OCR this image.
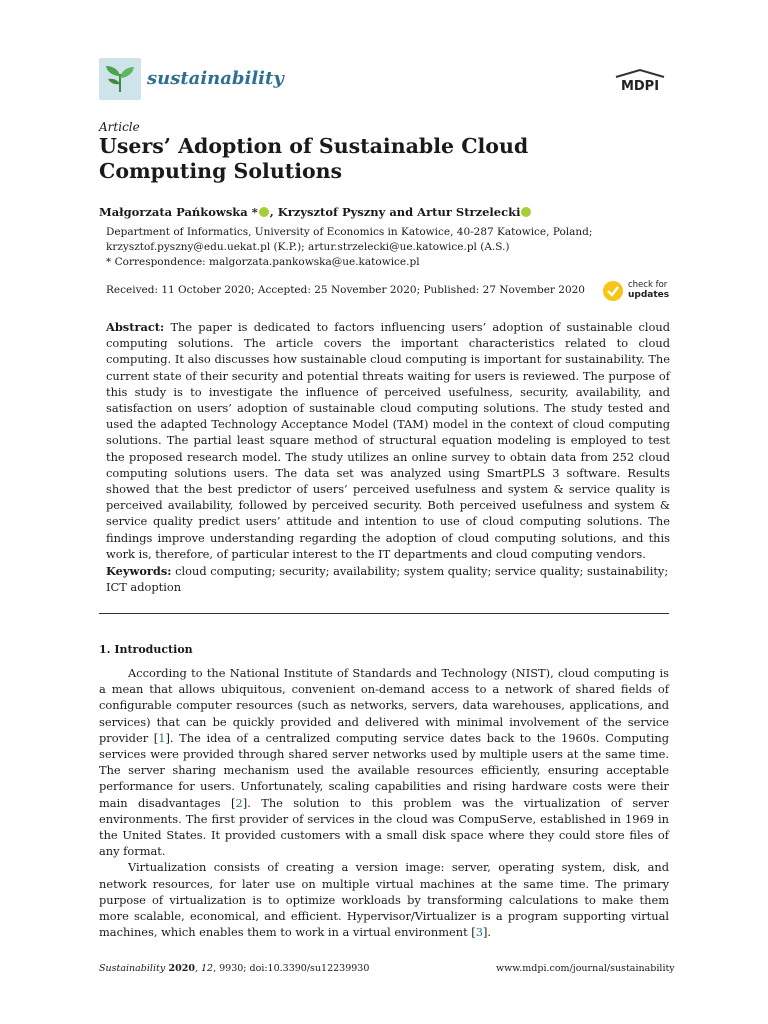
sustainability	MDPI
Article
Users’ Adoption of Sustainable Cloud Computing Solutions
Małgorzata Pańkowska * , Krzysztof Pyszny and Artur Strzelecki
Department of Informatics, University of Economics in Katowice, 40-287 Katowice, Poland;
krzysztof.pyszny@edu.uekat.pl (K.P.); artur.strzelecki@ue.katowice.pl (A.S.)
* Correspondence: malgorzata.pankowska@ue.katowice.pl
Received: 11 October 2020; Accepted: 25 November 2020; Published: 27 November 2020	check for
updates

Abstract: The paper is dedicated to factors influencing users’ adoption of sustainable cloud computing solutions. The article covers the important characteristics related to cloud computing. It also discusses how sustainable cloud computing is important for sustainability. The current state of their security and potential threats waiting for users is reviewed. The purpose of this study is to investigate the influence of perceived usefulness, security, availability, and satisfaction on users’ adoption of sustainable cloud computing solutions. The study tested and used the adapted Technology Acceptance Model (TAM) model in the context of cloud computing solutions. The partial least square method of structural equation modeling is employed to test the proposed research model. The study utilizes an online survey to obtain data from 252 cloud computing solutions users. The data set was analyzed using SmartPLS 3 software. Results showed that the best predictor of users’ perceived usefulness and system & service quality is perceived availability, followed by perceived security. Both perceived usefulness and system & service quality predict users’ attitude and intention to use of cloud computing solutions. The findings improve understanding regarding the adoption of cloud computing solutions, and this work is, therefore, of particular interest to the IT departments and cloud computing vendors.

Keywords: cloud computing; security; availability; system quality; service quality; sustainability; ICT adoption

1. Introduction

According to the National Institute of Standards and Technology (NIST), cloud computing is a mean that allows ubiquitous, convenient on-demand access to a network of shared fields of configurable computer resources (such as networks, servers, data warehouses, applications, and services) that can be quickly provided and delivered with minimal involvement of the service provider [1]. The idea of a centralized computing service dates back to the 1960s. Computing services were provided through shared server networks used by multiple users at the same time. The server sharing mechanism used the available resources efficiently, ensuring acceptable performance for users. Unfortunately, scaling capabilities and rising hardware costs were their main disadvantages [2]. The solution to this problem was the virtualization of server environments. The first provider of services in the cloud was CompuServe, established in 1969 in the United States. It provided customers with a small disk space where they could store files of any format.

Virtualization consists of creating a version image: server, operating system, disk, and network resources, for later use on multiple virtual machines at the same time. The primary purpose of virtualization is to optimize workloads by transforming calculations to make them more scalable, economical, and efficient. Hypervisor/Virtualizer is a program supporting virtual machines, which enables them to work in a virtual environment [3].

Sustainability 2020, 12, 9930; doi:10.3390/su12239930	www.mdpi.com/journal/sustainability
